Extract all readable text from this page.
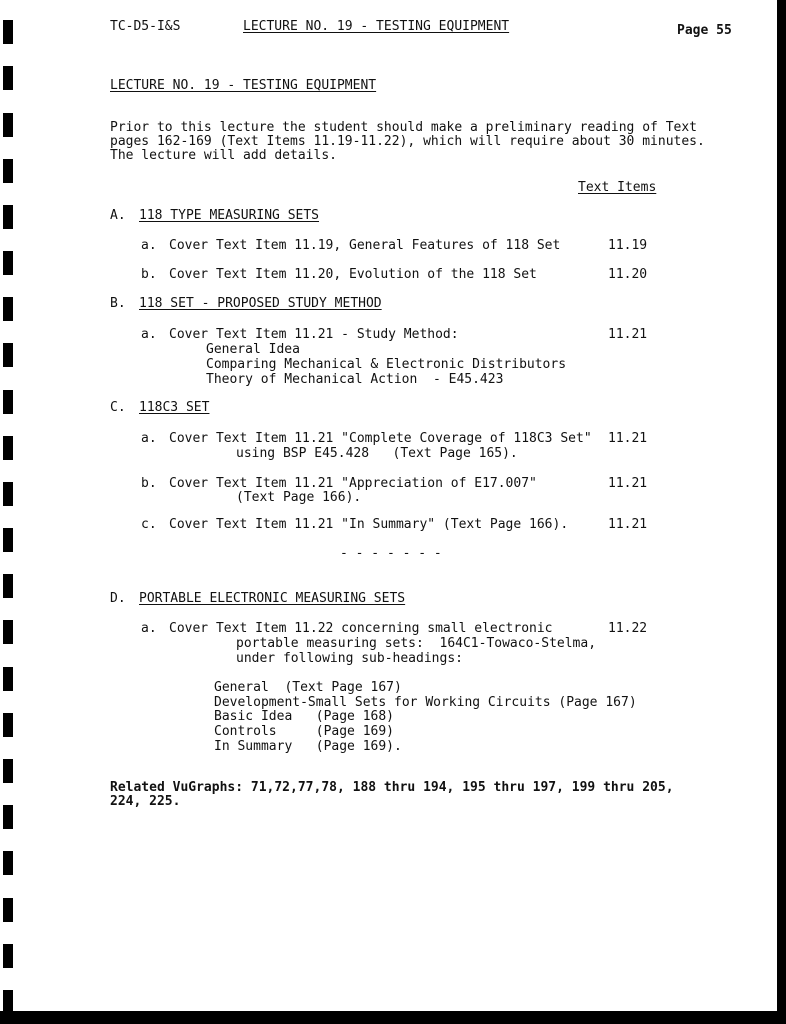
TC-D5-I&S	LECTURE NO. 19 - TESTING EQUIPMENT	Page 55
LECTURE NO. 19 - TESTING EQUIPMENT
Prior to this lecture the student should make a preliminary reading of Text
pages 162-169 (Text Items 11.19-11.22), which will require about 30 minutes.
The lecture will add details.
Text Items
A. 118 TYPE MEASURING SETS
a. Cover Text Item 11.19, General Features of 118 Set	11.19
b. Cover Text Item 11.20, Evolution of the 118 Set	11.20
B. 118 SET - PROPOSED STUDY METHOD
a. Cover Text Item 11.21 - Study Method:	11.21
General Idea
Comparing Mechanical & Electronic Distributors
Theory of Mechanical Action  - E45.423
C. 118C3 SET
a. Cover Text Item 11.21 "Complete Coverage of 118C3 Set" 11.21
using BSP E45.428   (Text Page 165).
b. Cover Text Item 11.21 "Appreciation of E17.007"	11.21
(Text Page 166).
c. Cover Text Item 11.21 "In Summary" (Text Page 166).	11.21
- - - - - - -
D. PORTABLE ELECTRONIC MEASURING SETS
a. Cover Text Item 11.22 concerning small electronic	11.22
portable measuring sets:  164C1-Towaco-Stelma,
under following sub-headings:
General  (Text Page 167)
Development-Small Sets for Working Circuits (Page 167)
Basic Idea   (Page 168)
Controls     (Page 169)
In Summary   (Page 169).
Related VuGraphs: 71,72,77,78, 188 thru 194, 195 thru 197, 199 thru 205,
224, 225.
